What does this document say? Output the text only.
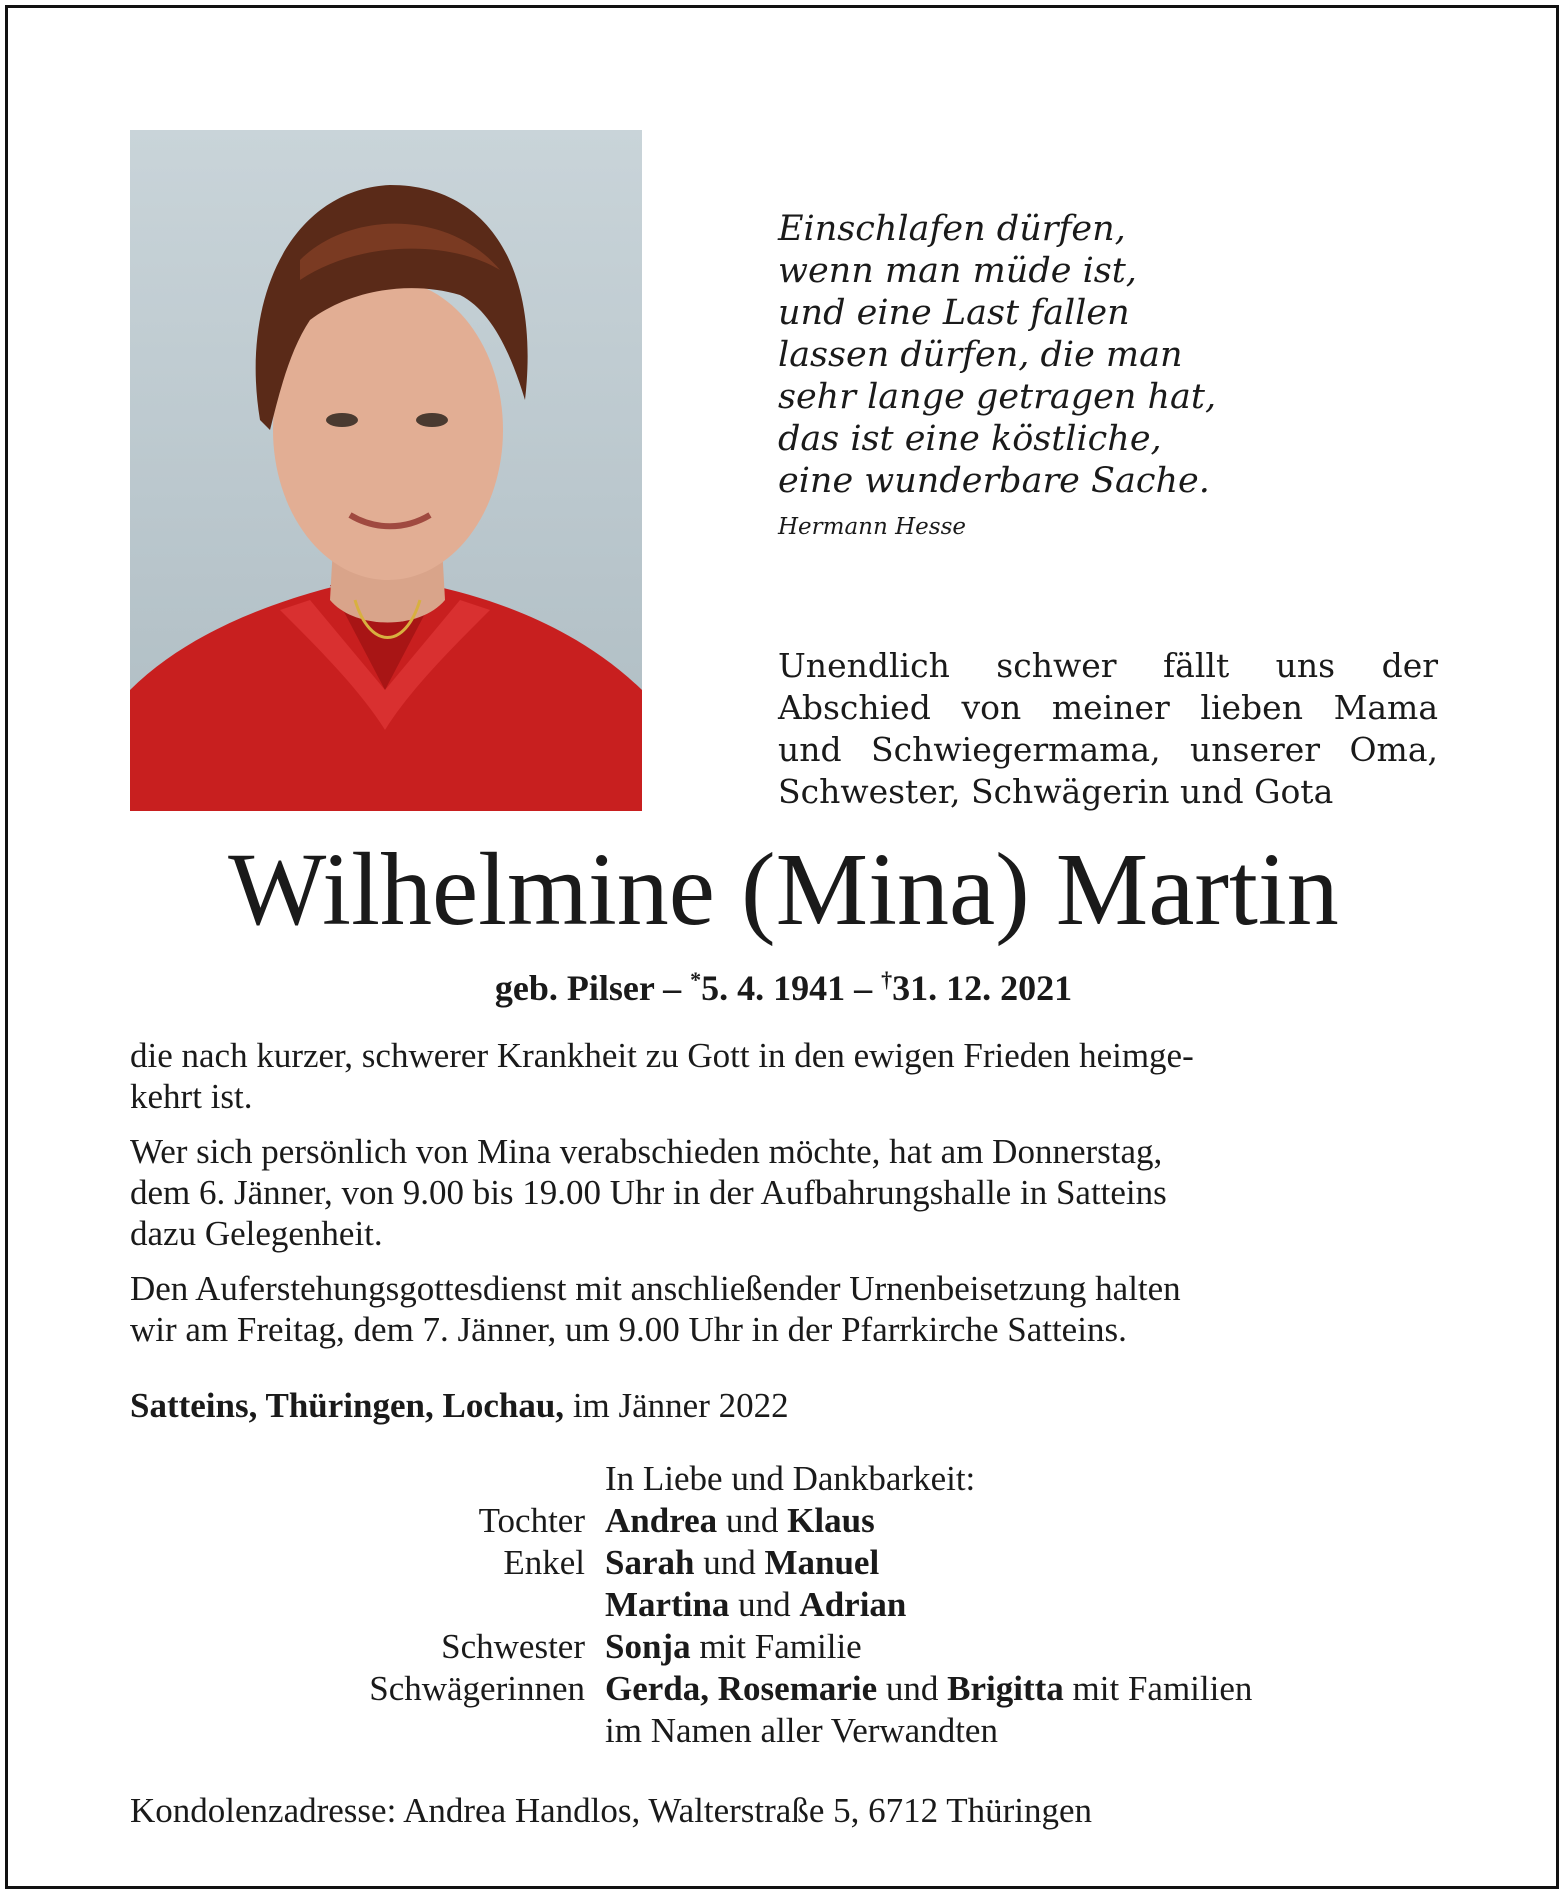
Einschlafen dürfen,
wenn man müde ist,
und eine Last fallen
lassen dürfen, die man
sehr lange getragen hat,
das ist eine köstliche,
eine wunderbare Sache.
Hermann Hesse
Unendlich schwer fällt uns der
Abschied von meiner lieben Mama
und Schwiegermama, unserer Oma,
Schwester, Schwägerin und Gota
Wilhelmine (Mina) Martin
geb. Pilser – *5. 4. 1941 – †31. 12. 2021

die nach kurzer, schwerer Krankheit zu Gott in den ewigen Frieden heimge-
kehrt ist.

Wer sich persönlich von Mina verabschieden möchte, hat am Donnerstag,
dem 6. Jänner, von 9.00 bis 19.00 Uhr in der Aufbahrungshalle in Satteins
dazu Gelegenheit.

Den Auferstehungsgottesdienst mit anschließender Urnenbeisetzung halten
wir am Freitag, dem 7. Jänner, um 9.00 Uhr in der Pfarrkirche Satteins.

Satteins, Thüringen, Lochau, im Jänner 2022
In Liebe und Dankbarkeit:
Tochter Andrea und Klaus
Enkel Sarah und Manuel
Martina und Adrian
Schwester Sonja mit Familie
Schwägerinnen Gerda, Rosemarie und Brigitta mit Familien
im Namen aller Verwandten
Kondolenzadresse: Andrea Handlos, Walterstraße 5, 6712 Thüringen
